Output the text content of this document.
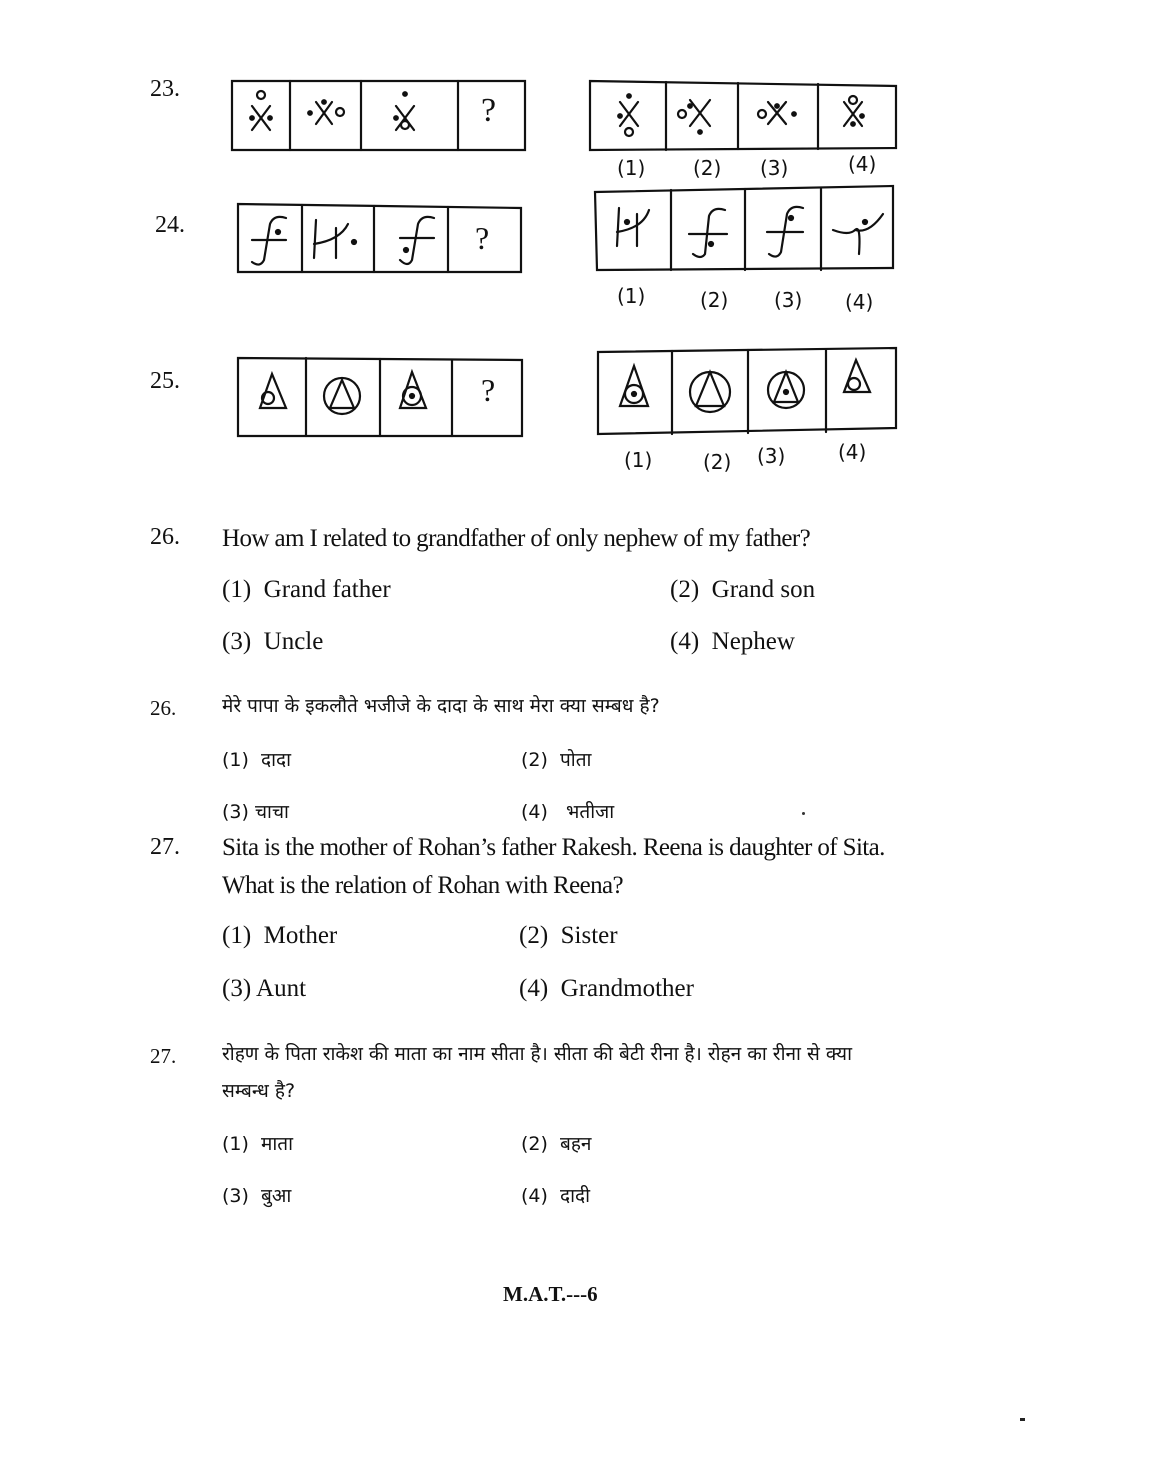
23.
?
(1) (2) (3)	(4)
24.	?
(1)	(2) (3) (4)
25.	?
(1)	(2) (3)	(4)
26. How am I related to grandfather of only nephew of my father?
(1)  Grand father	(2)  Grand son
(3)  Uncle	(4)  Nephew
26. मेरे पापा के इकलौते भजीजे के दादा के साथ मेरा क्या सम्बध है?
(1)  दादा	(2)  पोता
(3) चाचा	(4)   भतीजा
27. Sita is the mother of Rohan’s father Rakesh. Reena is daughter of Sita.
What is the relation of Rohan with Reena?
(1)  Mother	(2)  Sister
(3) Aunt	(4)  Grandmother
27. रोहण के पिता राकेश की माता का नाम सीता है। सीता की बेटी रीना है। रोहन का रीना से क्या
सम्बन्ध है?
(1)  माता	(2)  बहन
(3)  बुआ	(4)  दादी
M.A.T.---6
